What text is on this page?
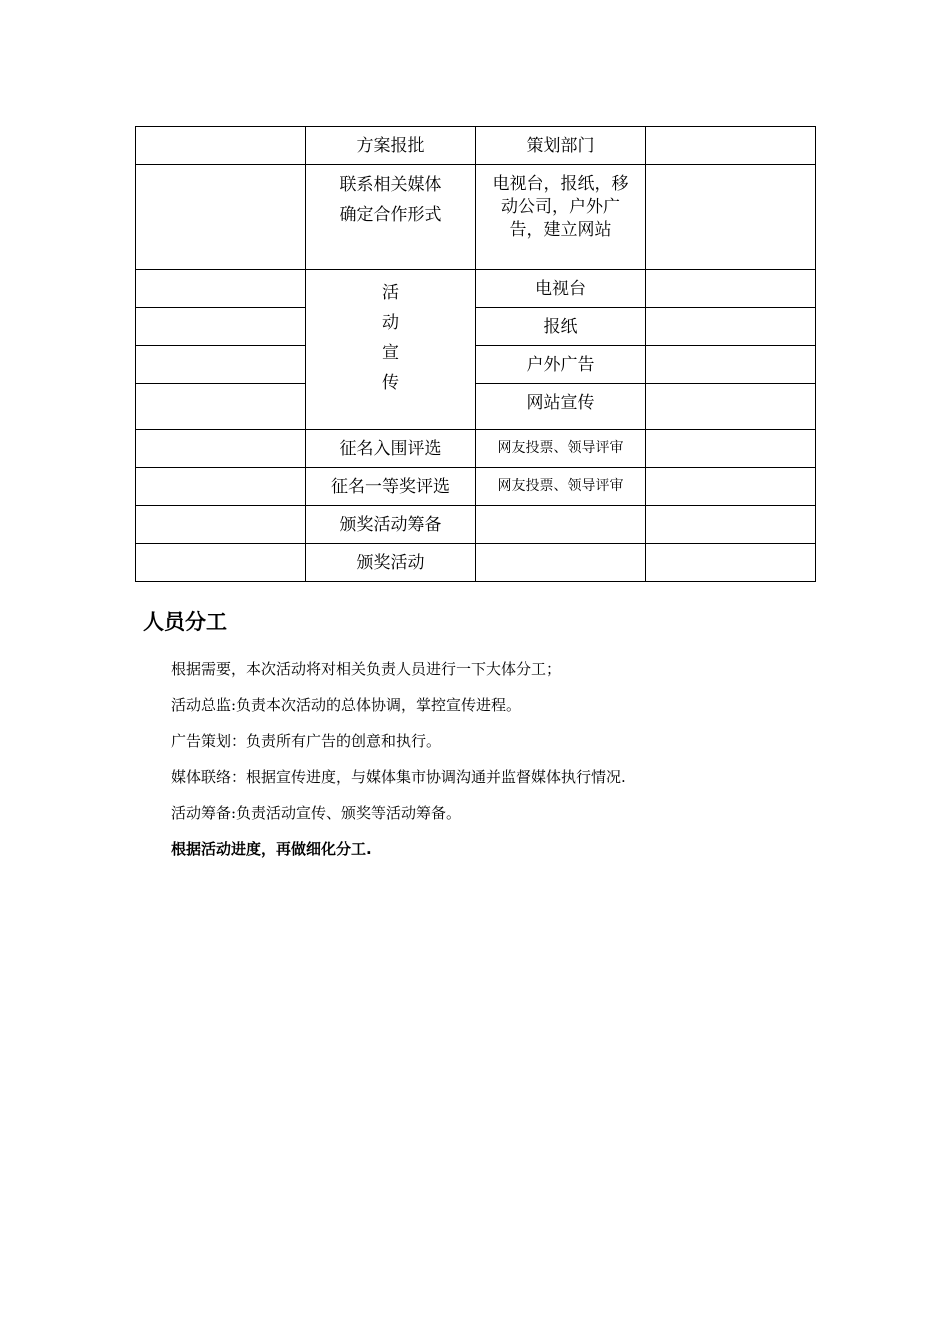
	方案报批	策划部门	

	联系相关媒体
确定合作形式	电视台，报纸，移
动公司，户外广
告，建立网站	

	活
动
宣
传	电视台	

		报纸	

		户外广告	

		网站宣传	

	征名入围评选	网友投票、领导评审	

	征名一等奖评选	网友投票、领导评审	

	颁奖活动筹备		

	颁奖活动		

人员分工

根据需要，本次活动将对相关负责人员进行一下大体分工；

活动总监:负责本次活动的总体协调，掌控宣传进程。

广告策划：负责所有广告的创意和执行。

媒体联络：根据宣传进度，与媒体集市协调沟通并监督媒体执行情况.

活动筹备:负责活动宣传、颁奖等活动筹备。

根据活动进度，再做细化分工.
